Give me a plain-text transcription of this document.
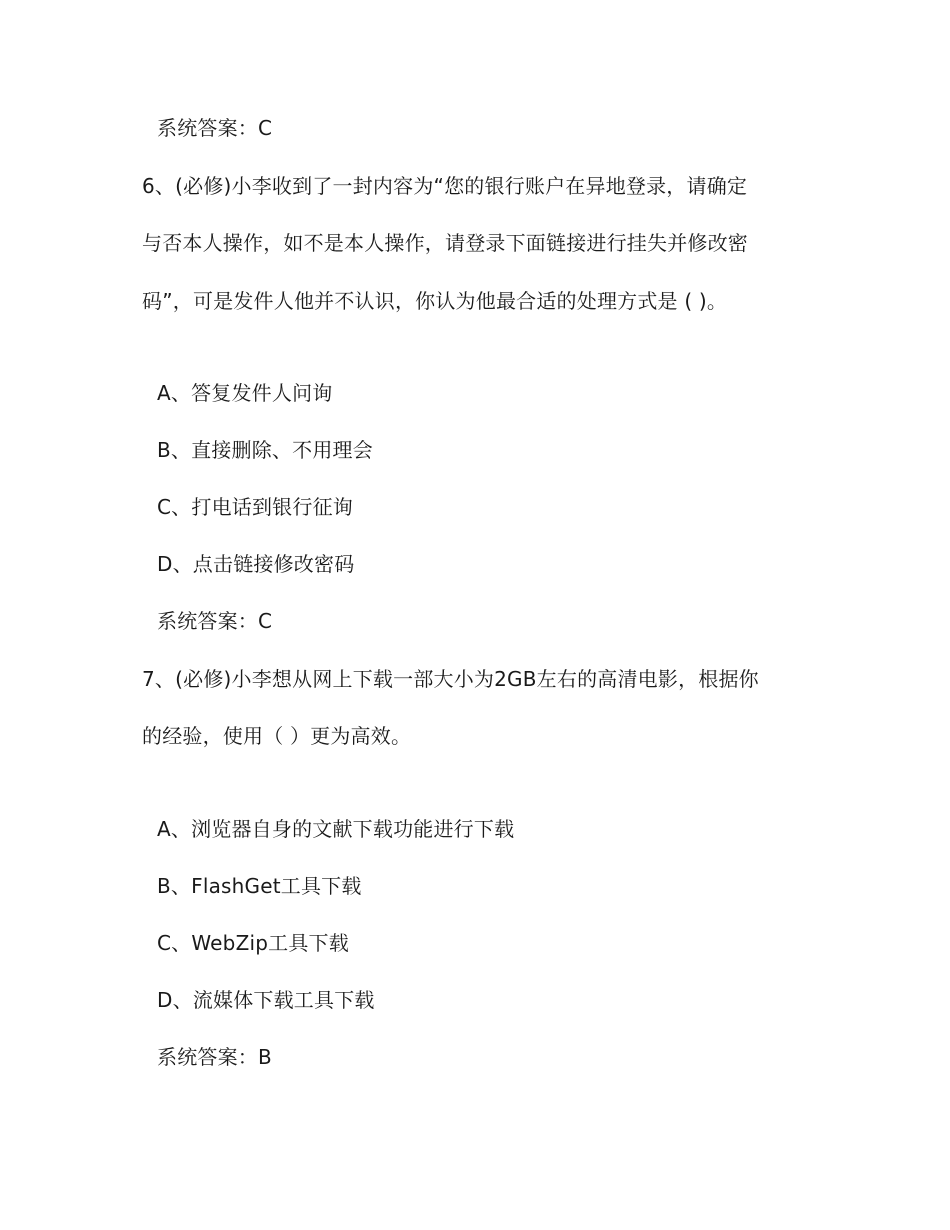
系统答案：C
6、(必修)小李收到了一封内容为“您的银行账户在异地登录，请确定
与否本人操作，如不是本人操作，请登录下面链接进行挂失并修改密
码”，可是发件人他并不认识，你认为他最合适的处理方式是 ( )。
A、答复发件人问询
B、直接删除、不用理会
C、打电话到银行征询
D、点击链接修改密码
系统答案：C
7、(必修)小李想从网上下载一部大小为2GB左右的高清电影，根据你
的经验，使用（ ）更为高效。
A、浏览器自身的文献下载功能进行下载
B、FlashGet工具下载
C、WebZip工具下载
D、流媒体下载工具下载
系统答案：B
